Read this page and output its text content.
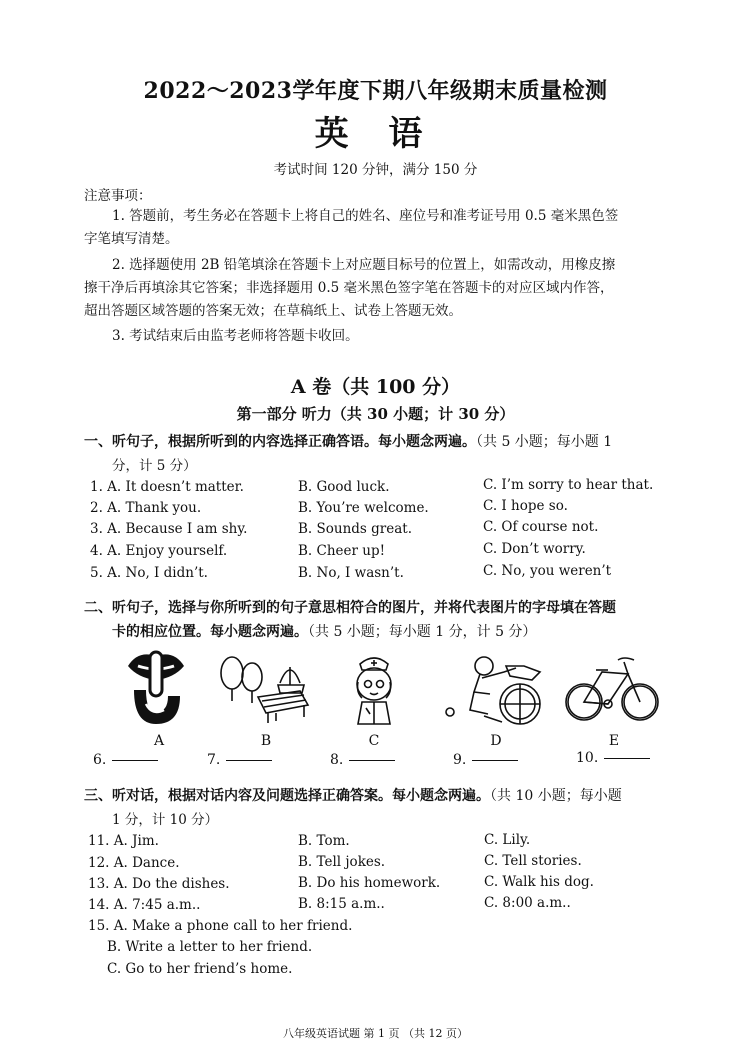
2022～2023学年度下期八年级期末质量检测
英 语
考试时间 120 分钟，满分 150 分
注意事项：
1. 答题前，考生务必在答题卡上将自己的姓名、座位号和准考证号用 0.5 毫米黑色签
字笔填写清楚。
2. 选择题使用 2B 铅笔填涂在答题卡上对应题目标号的位置上，如需改动，用橡皮擦
擦干净后再填涂其它答案；非选择题用 0.5 毫米黑色签字笔在答题卡的对应区域内作答，
超出答题区域答题的答案无效；在草稿纸上、试卷上答题无效。
3. 考试结束后由监考老师将答题卡收回。
A 卷（共 100 分）
第一部分 听力（共 30 小题；计 30 分）
一、听句子，根据所听到的内容选择正确答语。每小题念两遍。（共 5 小题；每小题 1
分，计 5 分）
1. A. It doesn’t matter.	B. Good luck.	C. I’m sorry to hear that.
2. A. Thank you.	B. You’re welcome.	C. I hope so.
3. A. Because I am shy.	B. Sounds great.	C. Of course not.
4. A. Enjoy yourself.	B. Cheer up!	C. Don’t worry.
5. A. No, I didn’t.	B. No, I wasn’t.	C. No, you weren’t
二、听句子，选择与你所听到的句子意思相符合的图片，并将代表图片的字母填在答题
卡的相应位置。每小题念两遍。（共 5 小题；每小题 1 分，计 5 分）
A	B	C	D	E
6.	7.	8.	9.	10.
三、听对话，根据对话内容及问题选择正确答案。每小题念两遍。（共 10 小题；每小题
1 分，计 10 分）
11. A. Jim.	B. Tom.	C. Lily.
12. A. Dance.	B. Tell jokes.	C. Tell stories.
13. A. Do the dishes.	B. Do his homework.	C. Walk his dog.
14. A. 7:45 a.m..	B. 8:15 a.m..	C. 8:00 a.m..
15. A. Make a phone call to her friend.
B. Write a letter to her friend.
C. Go to her friend’s home.
八年级英语试题 第 1 页 （共 12 页）
